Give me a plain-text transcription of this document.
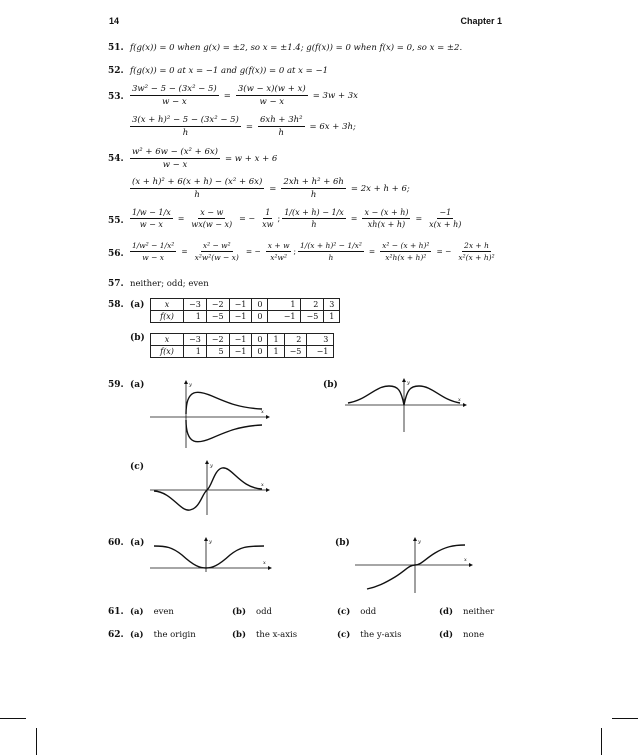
14	Chapter 1
51. f(g(x)) = 0 when g(x) = ±2, so x = ±1.4; g(f(x)) = 0 when f(x) = 0, so x = ±2.
52. f(g(x)) = 0 at x = −1 and g(f(x)) = 0 at x = −1
53. $\frac{\text{3w² − 5 − (3x² − 5)}}{w - x} = \frac{3(w - x)(w + x)}{w - x} = 3w + 3x$
$\frac{\text{3(x + h)² − 5 − (3x² − 5)}}{h} = \frac{\text{6xh + 3h²}}{h} = 6x + 3h$;
54. $\frac{\text{w² + 6w − (x² + 6x)}}{w - x} = w + x + 6$
$\frac{\text{(x + h)² + 6(x + h) − (x² + 6x)}}{h} = \frac{\text{2xh + h² + 6h}}{h} = 2x + h + 6$;
55. $\frac{1/w - 1/x}{w - x} = \frac{x - w}{wx(w - x)}$ = − $\frac{1}{xw}$ ; $\frac{1/(x + h) - 1/x}{h} = \frac{x - (x + h)}{xh(x + h)} = \frac{-1}{x(x + h)}$
56. $\frac{\text{1/w² − 1/x²}}{w - x} = \frac{\text{x² − w²}}{\text{x²w²(w − x)}}$ = − $\frac{x + w}{\text{x²w²}}$ ; $\frac{\text{1/(x + h)² − 1/x²}}{h} = \frac{\text{x² − (x + h)²}}{\text{x²h(x + h)²}}$ = − $\frac{2x + h}{\text{x²(x + h)²}}$
57. neither; odd; even
58. (a)	x	−3	−2	−1	0	1	2	3
f(x)	1	−5	−1	0	−1	−5	1
(b) x	−3	−2	−1	0	1	2	3
f(x)	1	5	−1	0	1	−5	−1
59. (a)	y
x
(b)	y
x
(c)	y
x
60. (a)	y
x
(b)	y
x
61. (a) even	(b) odd	(c) odd	(d) neither
62. (a) the origin	(b) the x-axis	(c) the y-axis	(d) none
